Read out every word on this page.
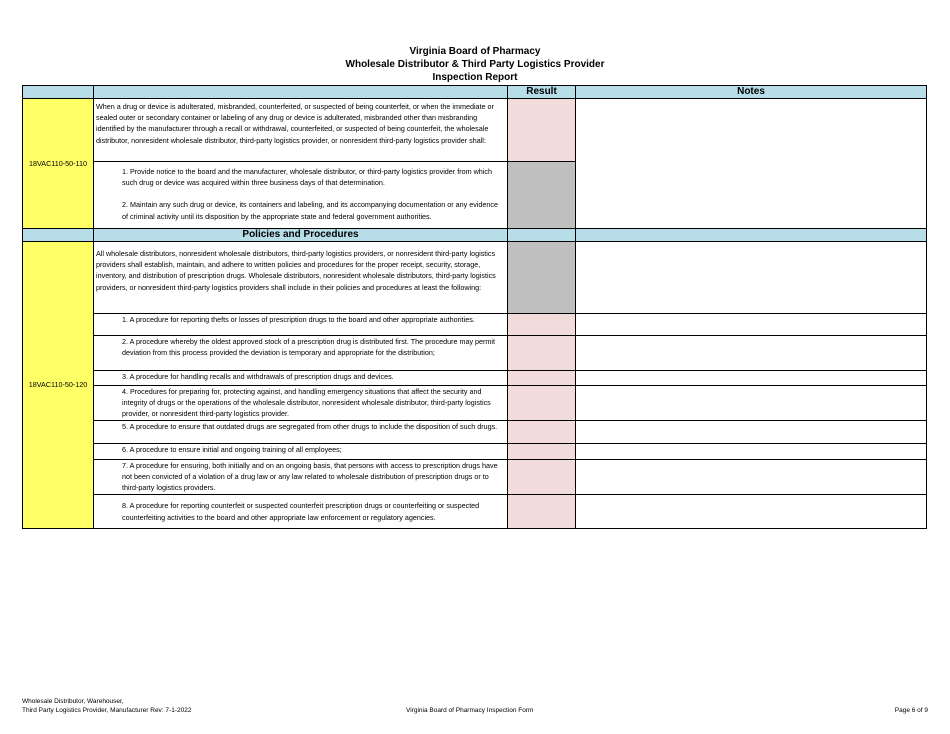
Virginia Board of Pharmacy
Wholesale Distributor & Third Party Logistics Provider
Inspection Report
		Result	Notes
18VAC110-50-110	When a drug or device is adulterated, misbranded, counterfeited, or suspected of being counterfeit, or when the immediate or sealed outer or secondary container or labeling of any drug or device is adulterated, misbranded other than misbranding identified by the manufacturer through a recall or withdrawal, counterfeited, or suspected of being counterfeit, the wholesale distributor, nonresident wholesale distributor, third-party logistics provider, or nonresident third-party logistics provider shall:		

	1. Provide notice to the board and the manufacturer, wholesale distributor, or third-party logistics provider from which such drug or device was acquired within three business days of that determination.
2. Maintain any such drug or device, its containers and labeling, and its accompanying documentation or any evidence of criminal activity until its disposition by the appropriate state and federal government authorities.		

	Policies and Procedures		
18VAC110-50-120	All wholesale distributors, nonresident wholesale distributors, third-party logistics providers, or nonresident third-party logistics providers shall establish, maintain, and adhere to written policies and procedures for the proper receipt, security, storage, inventory, and distribution of prescription drugs. Wholesale distributors, nonresident wholesale distributors, third-party logistics providers, or nonresident third-party logistics providers shall include in their policies and procedures at least the following:		

	1. A procedure for reporting thefts or losses of prescription drugs to the board and other appropriate authorities.		
	2. A procedure whereby the oldest approved stock of a prescription drug is distributed first. The procedure may permit deviation from this process provided the deviation is temporary and appropriate for the distribution;		
	3. A procedure for handling recalls and withdrawals of prescription drugs and devices.		
	4. Procedures for preparing for, protecting against, and handling emergency situations that affect the security and integrity of drugs or the operations of the wholesale distributor, nonresident wholesale distributor, third-party logistics provider, or nonresident third-party logistics provider.		
	5. A procedure to ensure that outdated drugs are segregated from other drugs to include the disposition of such drugs.		
	6. A procedure to ensure initial and ongoing training of all employees;		
	7. A procedure for ensuring, both initially and on an ongoing basis, that persons with access to prescription drugs have not been convicted of a violation of a drug law or any law related to wholesale distribution of prescription drugs or to third-party logistics providers.		
	8. A procedure for reporting counterfeit or suspected counterfeit prescription drugs or counterfeiting or suspected counterfeiting activities to the board and other appropriate law enforcement or regulatory agencies.		
Wholesale Distributor, Warehouser,
Third Party Logistics Provider, Manufacturer Rev: 7-1-2022	Virginia Board of Pharmacy Inspection Form	Page 6 of 9
